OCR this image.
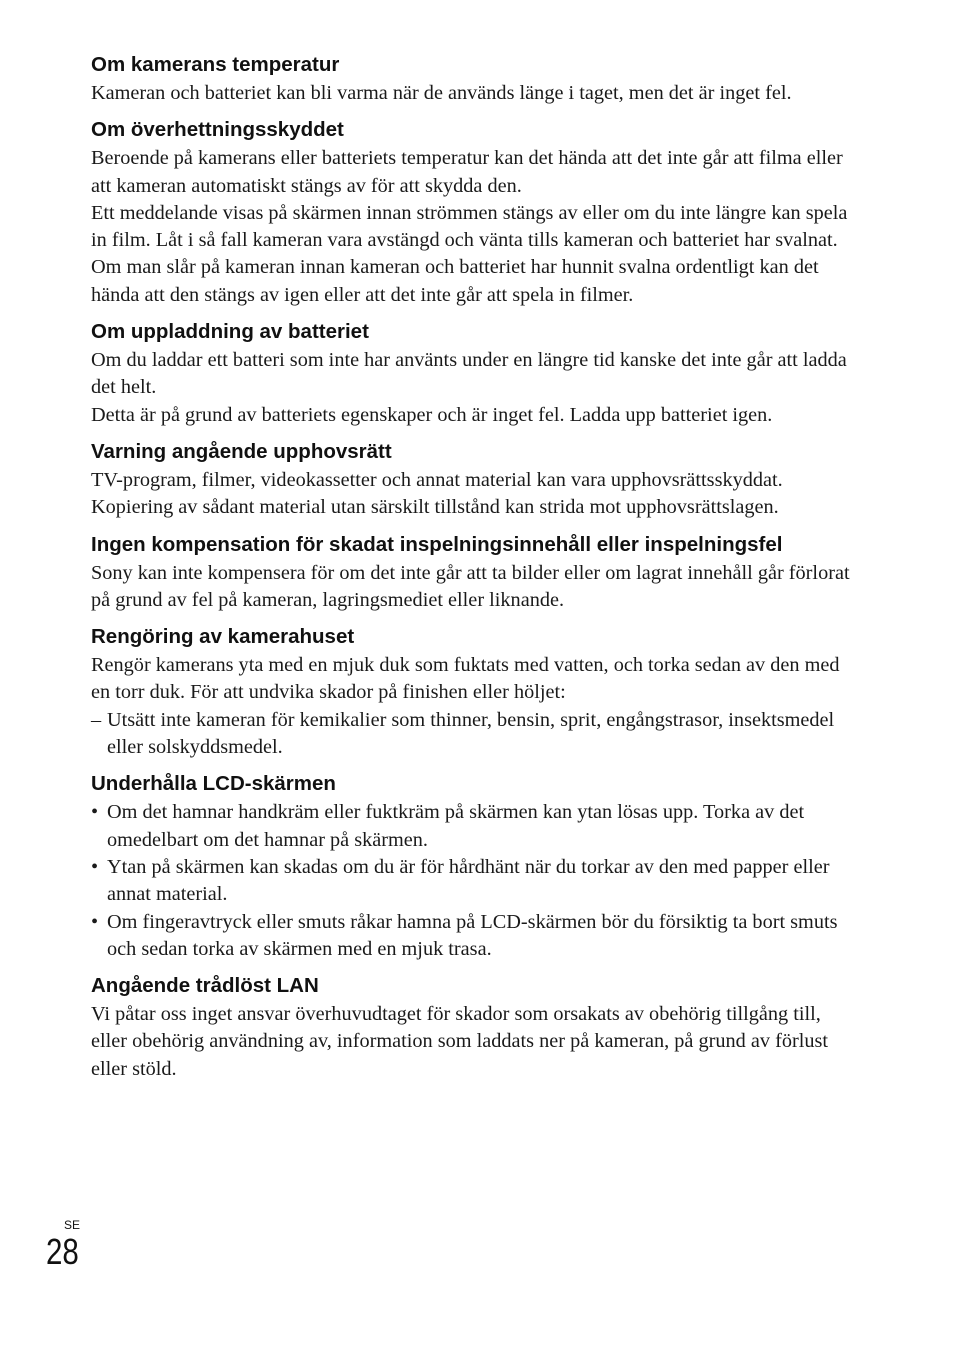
Om kamerans temperatur

Kameran och batteriet kan bli varma när de används länge i taget, men det är inget fel.

Om överhettningsskyddet

Beroende på kamerans eller batteriets temperatur kan det hända att det inte går att filma eller att kameran automatiskt stängs av för att skydda den.

Ett meddelande visas på skärmen innan strömmen stängs av eller om du inte längre kan spela in film. Låt i så fall kameran vara avstängd och vänta tills kameran och batteriet har svalnat. Om man slår på kameran innan kameran och batteriet har hunnit svalna ordentligt kan det hända att den stängs av igen eller att det inte går att spela in filmer.

Om uppladdning av batteriet

Om du laddar ett batteri som inte har använts under en längre tid kanske det inte går att ladda det helt.

Detta är på grund av batteriets egenskaper och är inget fel. Ladda upp batteriet igen.

Varning angående upphovsrätt

TV-program, filmer, videokassetter och annat material kan vara upphovsrättsskyddat. Kopiering av sådant material utan särskilt tillstånd kan strida mot upphovsrättslagen.

Ingen kompensation för skadat inspelningsinnehåll eller inspelningsfel

Sony kan inte kompensera för om det inte går att ta bilder eller om lagrat innehåll går förlorat på grund av fel på kameran, lagringsmediet eller liknande.

Rengöring av kamerahuset

Rengör kamerans yta med en mjuk duk som fuktats med vatten, och torka sedan av den med en torr duk. För att undvika skador på finishen eller höljet:

– Utsätt inte kameran för kemikalier som thinner, bensin, sprit, engångstrasor, insektsmedel eller solskyddsmedel.
Underhålla LCD-skärmen
• Om det hamnar handkräm eller fuktkräm på skärmen kan ytan lösas upp. Torka av det omedelbart om det hamnar på skärmen.
• Ytan på skärmen kan skadas om du är för hårdhänt när du torkar av den med papper eller annat material.
• Om fingeravtryck eller smuts råkar hamna på LCD-skärmen bör du försiktig ta bort smuts och sedan torka av skärmen med en mjuk trasa.
Angående trådlöst LAN

Vi påtar oss inget ansvar överhuvudtaget för skador som orsakats av obehörig tillgång till, eller obehörig användning av, information som laddats ner på kameran, på grund av förlust eller stöld.

SE
28
